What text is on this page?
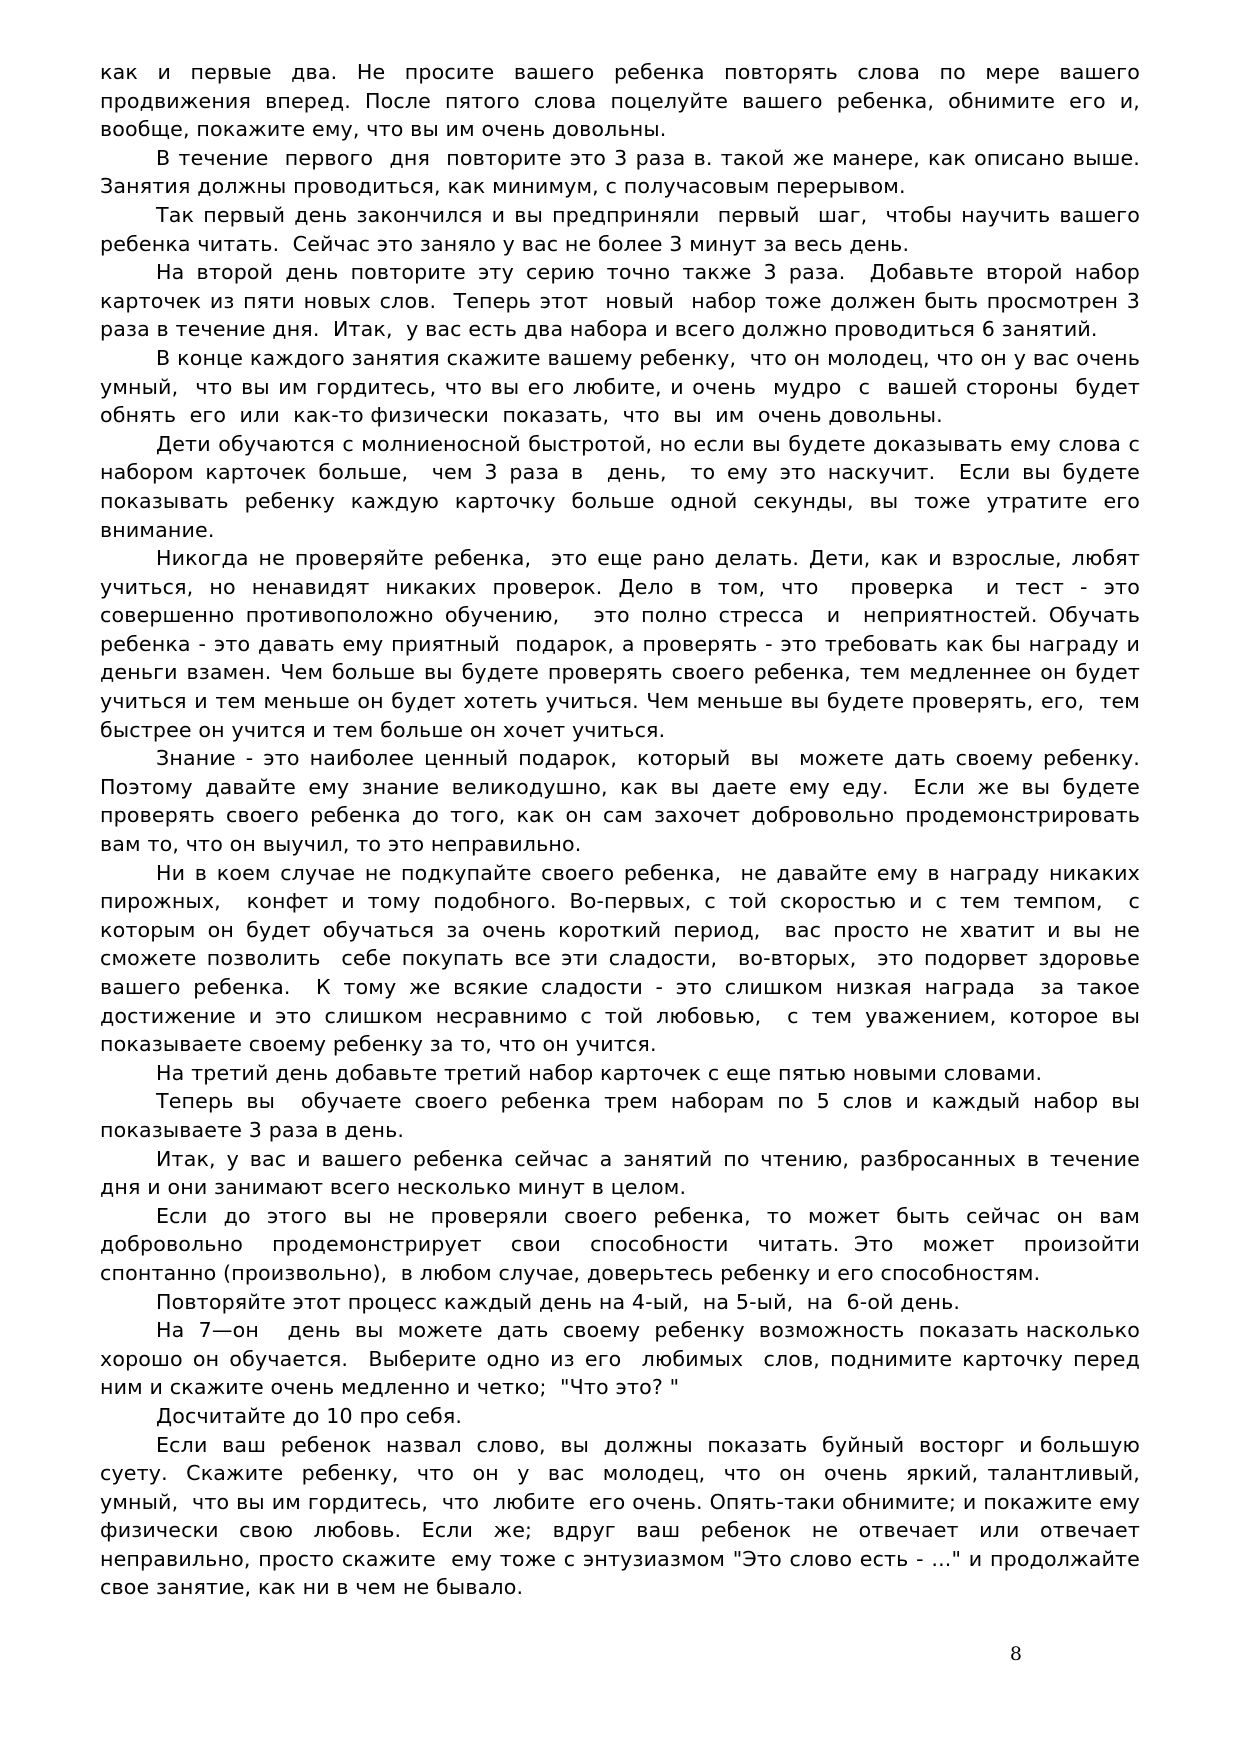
как и первые два. Не просите вашего ребенка повторять слова по мере вашего продвижения вперед. После пятого слова поцелуйте вашего ребенка, обнимите его и, вообще, покажите ему, что вы им очень довольны.

В течение  первого  дня  повторите это 3 раза в. такой же манере, как описано выше. Занятия должны проводиться, как минимум, с получасовым перерывом.

Так первый день закончился и вы предприняли  первый  шаг,  чтобы научить вашего  ребенка читать.  Сейчас это заняло у вас не более 3 минут за весь день.

На второй день повторите эту серию точно также 3 раза.  Добавьте второй набор карточек из пяти новых слов.  Теперь этот  новый  набор тоже должен быть просмотрен 3 раза в течение дня.  Итак,  у вас есть два набора и всего должно проводиться 6 занятий.

В конце каждого занятия скажите вашему ребенку,  что он молодец, что он у вас очень умный,  что вы им гордитесь, что вы его любите, и очень  мудро  с  вашей стороны  будет  обнять  его  или  как-то физически  показать,  что  вы  им  очень довольны.

Дети обучаются с молниеносной быстротой, но если вы будете доказывать ему слова с набором карточек больше,  чем 3 раза в  день,  то ему это наскучит.  Если вы будете показывать ребенку каждую карточку больше одной секунды, вы тоже утратите его внимание.

Никогда не проверяйте ребенка,  это еще рано делать. Дети, как и взрослые, любят учиться, но ненавидят никаких проверок. Дело в том, что  проверка  и тест - это совершенно противоположно обучению,   это полно стресса  и  неприятностей. Обучать ребенка - это давать ему приятный  подарок, а проверять - это требовать как бы награду и деньги взамен. Чем больше вы будете проверять своего ребенка, тем медленнее он будет учиться и тем меньше он будет хотеть учиться. Чем меньше вы будете проверять, его,  тем быстрее он учится и тем больше он хочет учиться.

Знание - это наиболее ценный подарок,  который  вы  можете дать своему ребенку. Поэтому давайте ему знание великодушно, как вы даете ему еду.  Если же вы будете проверять своего ребенка до того, как он сам захочет добровольно продемонстрировать вам то, что он выучил, то это неправильно.

Ни в коем случае не подкупайте своего ребенка,  не давайте ему в награду никаких пирожных,  конфет и тому подобного. Во-первых, с той скоростью и с тем темпом,  с которым он будет обучаться за очень короткий период,  вас просто не хватит и вы не сможете позволить  себе покупать все эти сладости,  во-вторых,  это подорвет здоровье вашего ребенка.  К тому же всякие сладости - это слишком низкая награда  за такое достижение и это слишком несравнимо с той любовью,  с тем уважением, которое вы показываете своему ребенку за то, что он учится.

На третий день добавьте третий набор карточек с еще пятью новыми словами.

Теперь вы  обучаете своего ребенка трем наборам по 5 слов и каждый набор вы показываете 3 раза в день.

Итак, у вас и вашего ребенка сейчас а занятий по чтению, разбросанных в течение  дня и они занимают всего несколько минут в целом.

Если до этого вы не проверяли своего ребенка, то может быть сейчас он вам добровольно  продемонстрирует  свои  способности  читать. Это  может  произойти спонтанно (произвольно),  в любом случае, доверьтесь ребенку и его способностям.

Повторяйте этот процесс каждый день на 4-ый,  на 5-ый,  на  6-ой день.

На  7—он    день  вы  можете  дать  своему  ребенку  возможность  показать насколько хорошо он обучается.  Выберите одно из его  любимых  слов, поднимите карточку перед ним и скажите очень медленно и четко;  "Что это? "

Досчитайте до 10 про себя.

Если  ваш  ребенок  назвал  слово,  вы  должны  показать  буйный  восторг  и большую  суету.  Скажите  ребенку,  что  он  у  вас  молодец,  что  он  очень  яркий, талантливый,  умный,  что вы им гордитесь,  что  любите  его очень. Опять-таки обнимите; и покажите ему физически свою любовь. Если же; вдруг ваш ребенок не отвечает или отвечает неправильно, просто скажите  ему тоже с энтузиазмом "Это слово есть - ..." и продолжайте свое занятие, как ни в чем не бывало.

8
